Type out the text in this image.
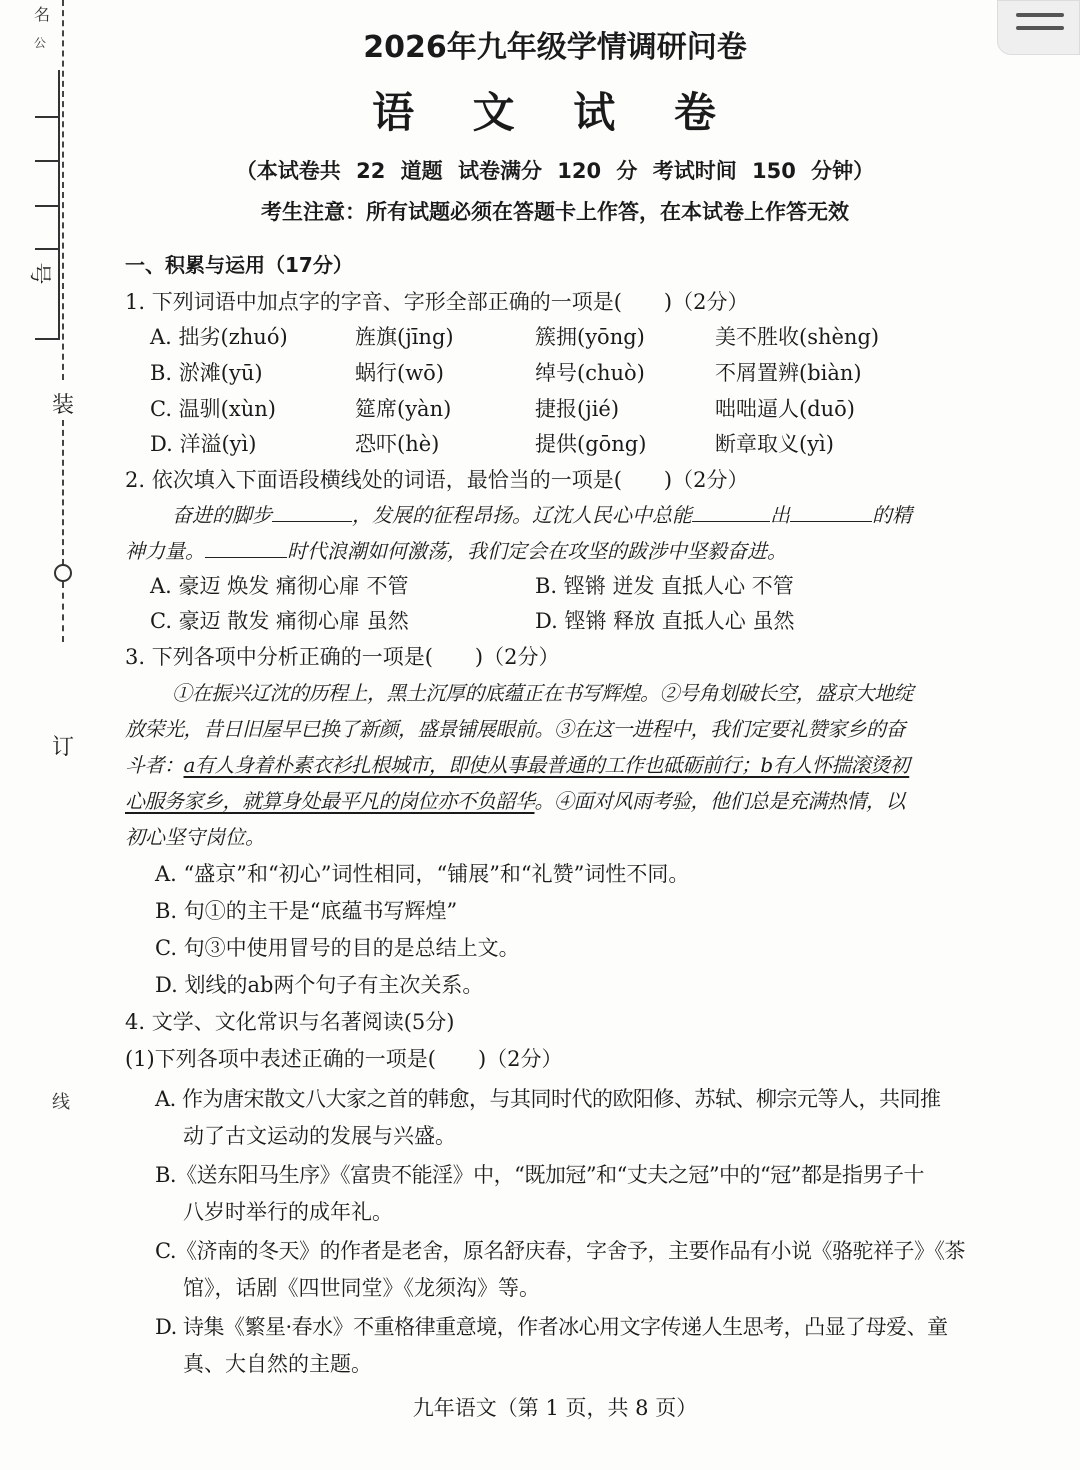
名
公
号
装
订
线
2026年九年级学情调研问卷
语 文 试 卷
（本试卷共 22 道题 试卷满分 120 分 考试时间 150 分钟）
考生注意：所有试题必须在答题卡上作答，在本试卷上作答无效
一、积累与运用（17分）
1. 下列词语中加点字的字音、字形全部正确的一项是(　　)（2分）
A. 拙劣(zhuó)	旌旗(jīng)	簇拥(yōng)	美不胜收(shèng)
B. 淤滩(yū)	蜗行(wō)	绰号(chuò)	不屑置辨(biàn)
C. 温驯(xùn)	筵席(yàn)	捷报(jié)	咄咄逼人(duō)
D. 洋溢(yì)	恐吓(hè)	提供(gōng)	断章取义(yì)
2. 依次填入下面语段横线处的词语，最恰当的一项是(　　)（2分）
奋进的脚步	，发展的征程昂扬。辽沈人民心中总能	出	的精
神力量。	时代浪潮如何激荡，我们定会在攻坚的跋涉中坚毅奋进。
A. 豪迈 焕发 痛彻心扉 不管	B. 铿锵 迸发 直抵人心 不管
C. 豪迈 散发 痛彻心扉 虽然	D. 铿锵 释放 直抵人心 虽然
3. 下列各项中分析正确的一项是(　　)（2分）
①在振兴辽沈的历程上，黑土沉厚的底蕴正在书写辉煌。②号角划破长空，盛京大地绽
放荣光，昔日旧屋早已换了新颜，盛景铺展眼前。③在这一进程中，我们定要礼赞家乡的奋
斗者：a有人身着朴素衣衫扎根城市，即使从事最普通的工作也砥砺前行；b有人怀揣滚烫初
心服务家乡，就算身处最平凡的岗位亦不负韶华。④面对风雨考验，他们总是充满热情，以
初心坚守岗位。
A. “盛京”和“初心”词性相同，“铺展”和“礼赞”词性不同。
B. 句①的主干是“底蕴书写辉煌”
C. 句③中使用冒号的目的是总结上文。
D. 划线的ab两个句子有主次关系。
4. 文学、文化常识与名著阅读(5分)
(1)下列各项中表述正确的一项是(　　)（2分）
A. 作为唐宋散文八大家之首的韩愈，与其同时代的欧阳修、苏轼、柳宗元等人，共同推
动了古文运动的发展与兴盛。
B.《送东阳马生序》《富贵不能淫》中，“既加冠”和“丈夫之冠”中的“冠”都是指男子十
八岁时举行的成年礼。
C.《济南的冬天》的作者是老舍，原名舒庆春，字舍予，主要作品有小说《骆驼祥子》《茶
馆》，话剧《四世同堂》《龙须沟》等。
D. 诗集《繁星·春水》不重格律重意境，作者冰心用文字传递人生思考，凸显了母爱、童
真、大自然的主题。
九年语文（第 1 页，共 8 页）
